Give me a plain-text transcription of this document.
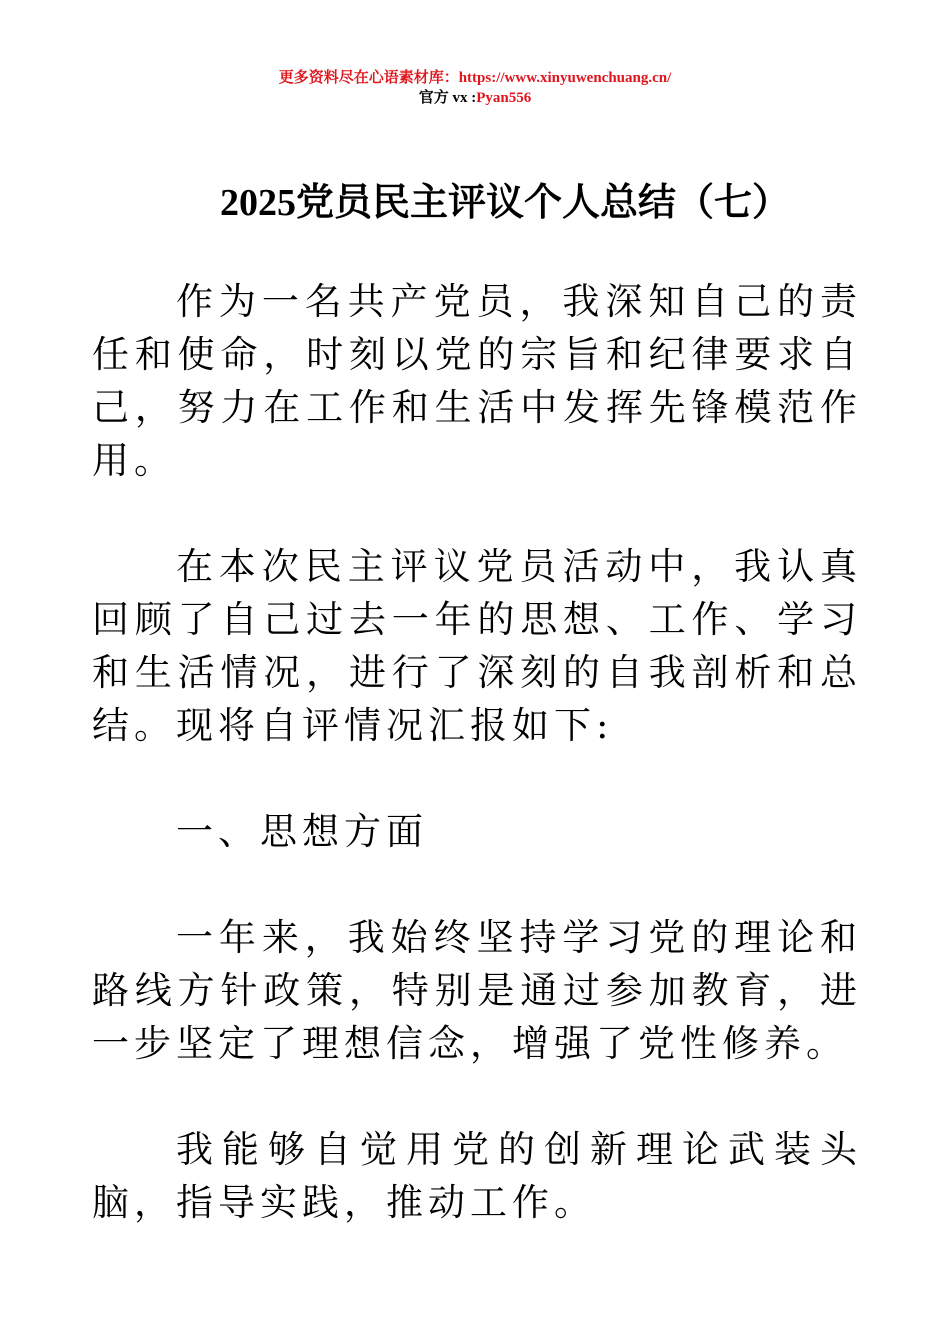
更多资料尽在心语素材库：https://www.xinyuwenchuang.cn/
官方 vx :Pyan556
2025党员民主评议个人总结（七）

作为一名共产党员，我深知自己的责任和使命，时刻以党的宗旨和纪律要求自己，努力在工作和生活中发挥先锋模范作用。

在本次民主评议党员活动中，我认真回顾了自己过去一年的思想、工作、学习和生活情况，进行了深刻的自我剖析和总结。现将自评情况汇报如下:

一、思想方面

一年来，我始终坚持学习党的理论和路线方针政策，特别是通过参加教育，进一步坚定了理想信念，增强了党性修养。

我能够自觉用党的创新理论武装头脑，指导实践，推动工作。
